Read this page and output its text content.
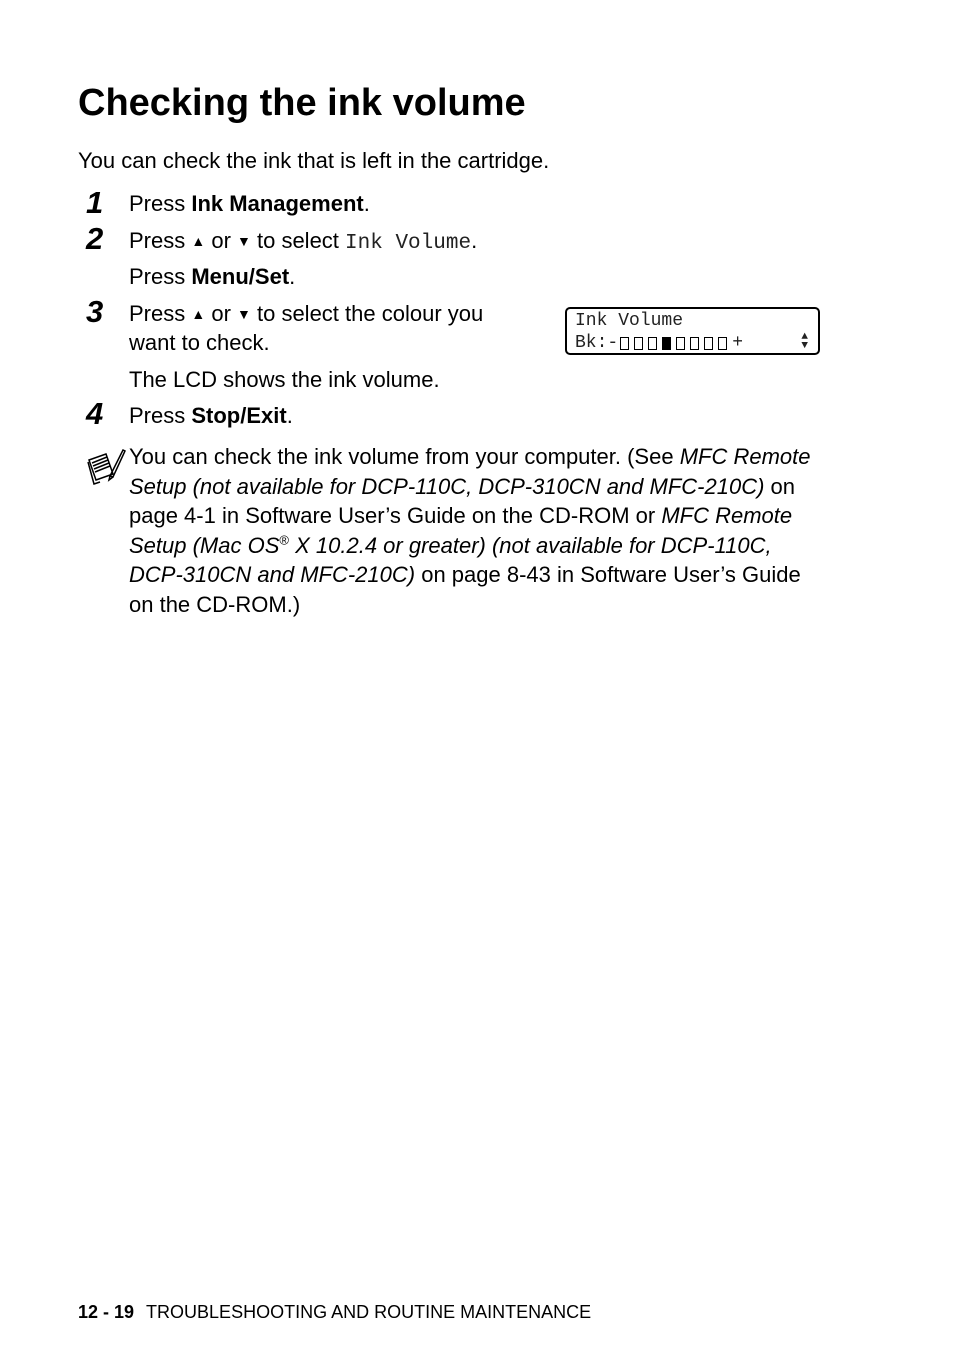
Checking the ink volume
You can check the ink that is left in the cartridge.
1 Press Ink Management.
2 Press ▲ or ▼ to select Ink Volume.
Press Menu/Set.
3 Press ▲ or ▼ to select the colour you
want to check.
The LCD shows the ink volume.
Ink Volume
Bk:-	+	▲
▼
4 Press Stop/Exit.
You can check the ink volume from your computer. (See MFC Remote Setup (not available for DCP-110C, DCP-310CN and MFC-210C) on page 4-1 in Software User’s Guide on the CD-ROM or MFC Remote Setup (Mac OS® X 10.2.4 or greater) (not available for DCP-110C, DCP-310CN and MFC-210C) on page 8-43 in Software User’s Guide on the CD-ROM.)
12 - 19 TROUBLESHOOTING AND ROUTINE MAINTENANCE
